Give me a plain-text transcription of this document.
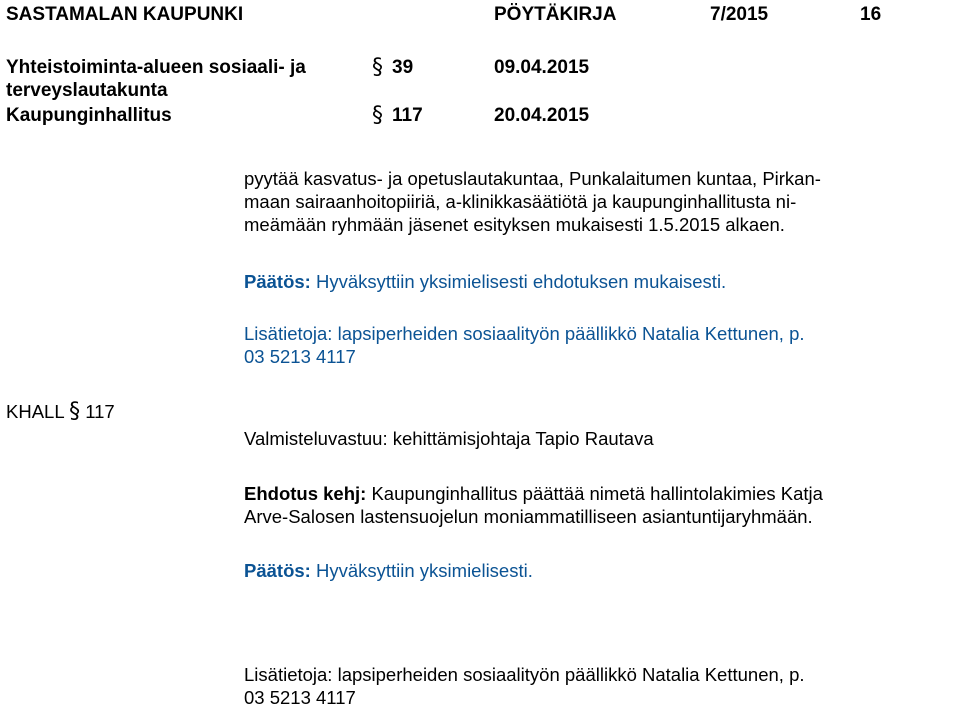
SASTAMALAN KAUPUNKI	PÖYTÄKIRJA	7/2015	16
Yhteistoiminta-alueen sosiaali- ja
terveyslautakunta
§ 39	09.04.2015
Kaupunginhallitus	§ 117	20.04.2015
pyytää kasvatus- ja opetuslautakuntaa, Punkalaitumen kuntaa, Pirkan-
maan sairaanhoitopiiriä, a-klinikkasäätiötä ja kaupunginhallitusta ni-
meämään ryhmään jäsenet esityksen mukaisesti 1.5.2015 alkaen.
Päätös: Hyväksyttiin yksimielisesti ehdotuksen mukaisesti.
Lisätietoja: lapsiperheiden sosiaalityön päällikkö Natalia Kettunen, p.
03 5213 4117
KHALL § 117
Valmisteluvastuu: kehittämisjohtaja Tapio Rautava
Ehdotus kehj: Kaupunginhallitus päättää nimetä hallintolakimies Katja
Arve-Salosen lastensuojelun moniammatilliseen asiantuntijaryhmään.
Päätös: Hyväksyttiin yksimielisesti.
Lisätietoja: lapsiperheiden sosiaalityön päällikkö Natalia Kettunen, p.
03 5213 4117
